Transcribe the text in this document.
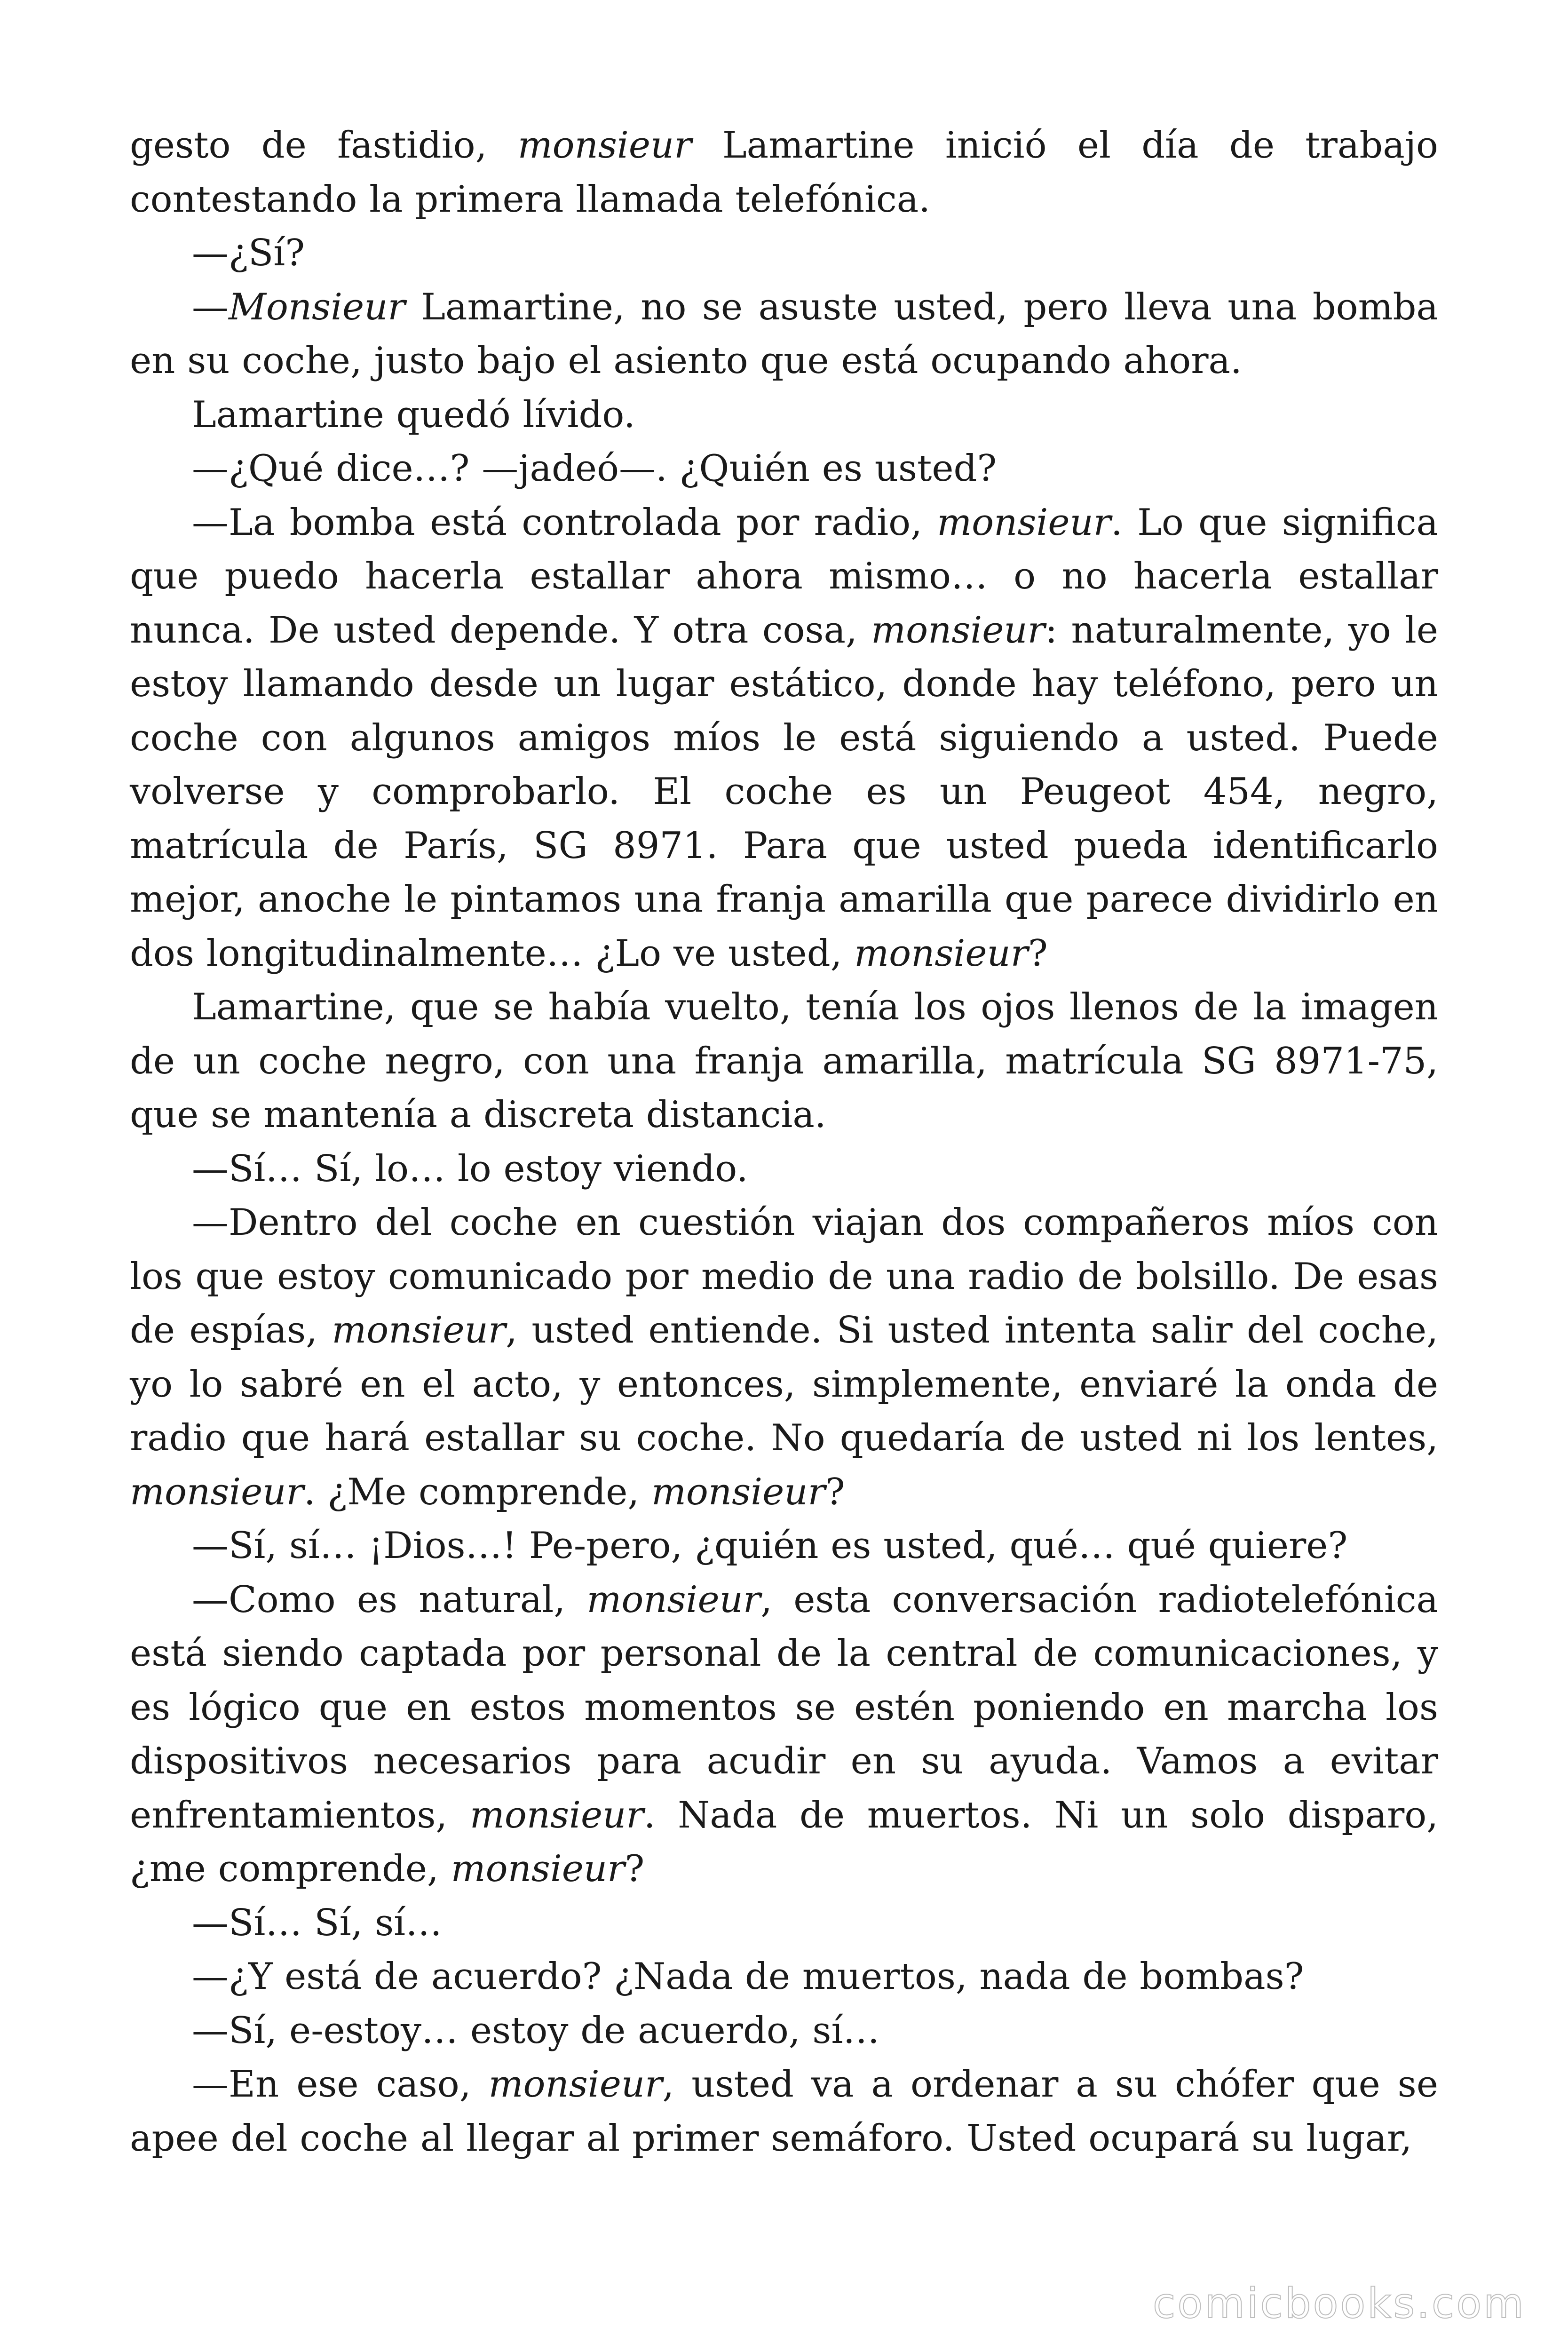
gesto de fastidio, monsieur Lamartine inició el día de trabajo contestando la primera llamada telefónica.

—¿Sí?

—Monsieur Lamartine, no se asuste usted, pero lleva una bomba en su coche, justo bajo el asiento que está ocupando ahora.

Lamartine quedó lívido.

—¿Qué dice…? —jadeó—. ¿Quién es usted?

—La bomba está controlada por radio, monsieur. Lo que significa que puedo hacerla estallar ahora mismo… o no hacerla estallar nunca. De usted depende. Y otra cosa, monsieur: naturalmente, yo le estoy llamando desde un lugar estático, donde hay teléfono, pero un coche con algunos amigos míos le está siguiendo a usted. Puede volverse y comprobarlo. El coche es un Peugeot 454, negro, matrícula de París, SG 8971. Para que usted pueda identificarlo mejor, anoche le pintamos una franja amarilla que parece dividirlo en dos longitudinalmente… ¿Lo ve usted, monsieur?

Lamartine, que se había vuelto, tenía los ojos llenos de la imagen de un coche negro, con una franja amarilla, matrícula SG 8971-75, que se mantenía a discreta distancia.

—Sí… Sí, lo… lo estoy viendo.

—Dentro del coche en cuestión viajan dos compañeros míos con los que estoy comunicado por medio de una radio de bolsillo. De esas de espías, monsieur, usted entiende. Si usted intenta salir del coche, yo lo sabré en el acto, y entonces, simplemente, enviaré la onda de radio que hará estallar su coche. No quedaría de usted ni los lentes, monsieur. ¿Me comprende, monsieur?

—Sí, sí… ¡Dios…! Pe-pero, ¿quién es usted, qué… qué quiere?

—Como es natural, monsieur, esta conversación radiotelefónica está siendo captada por personal de la central de comunicaciones, y es lógico que en estos momentos se estén poniendo en marcha los dispositivos necesarios para acudir en su ayuda. Vamos a evitar enfrentamientos, monsieur. Nada de muertos. Ni un solo disparo, ¿me comprende, monsieur?

—Sí… Sí, sí…

—¿Y está de acuerdo? ¿Nada de muertos, nada de bombas?

—Sí, e-estoy… estoy de acuerdo, sí…

—En ese caso, monsieur, usted va a ordenar a su chófer que se apee del coche al llegar al primer semáforo. Usted ocupará su lugar,

comicbooks.com
